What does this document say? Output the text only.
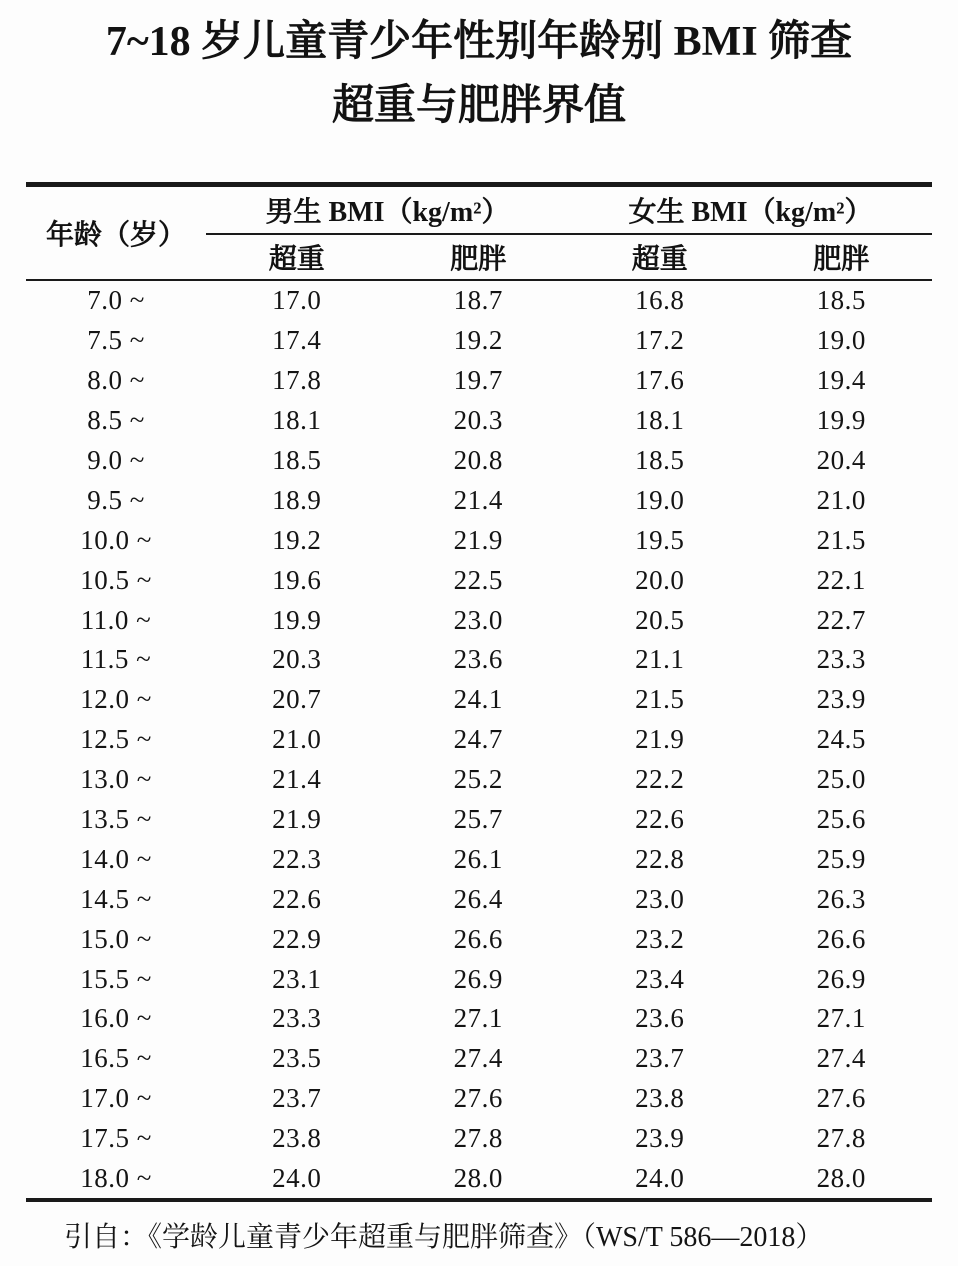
7~18 岁儿童青少年性别年龄别 BMI 筛查
超重与肥胖界值
年龄（岁）	男生 BMI（kg/m²）		女生 BMI（kg/m²）	
	超重	肥胖	超重	肥胖
7.0 ~	17.0	18.7	16.8	18.5
7.5 ~	17.4	19.2	17.2	19.0
8.0 ~	17.8	19.7	17.6	19.4
8.5 ~	18.1	20.3	18.1	19.9
9.0 ~	18.5	20.8	18.5	20.4
9.5 ~	18.9	21.4	19.0	21.0
10.0 ~	19.2	21.9	19.5	21.5
10.5 ~	19.6	22.5	20.0	22.1
11.0 ~	19.9	23.0	20.5	22.7
11.5 ~	20.3	23.6	21.1	23.3
12.0 ~	20.7	24.1	21.5	23.9
12.5 ~	21.0	24.7	21.9	24.5
13.0 ~	21.4	25.2	22.2	25.0
13.5 ~	21.9	25.7	22.6	25.6
14.0 ~	22.3	26.1	22.8	25.9
14.5 ~	22.6	26.4	23.0	26.3
15.0 ~	22.9	26.6	23.2	26.6
15.5 ~	23.1	26.9	23.4	26.9
16.0 ~	23.3	27.1	23.6	27.1
16.5 ~	23.5	27.4	23.7	27.4
17.0 ~	23.7	27.6	23.8	27.6
17.5 ~	23.8	27.8	23.9	27.8
18.0 ~	24.0	28.0	24.0	28.0

引自：《学龄儿童青少年超重与肥胖筛查》（WS/T 586—2018）
